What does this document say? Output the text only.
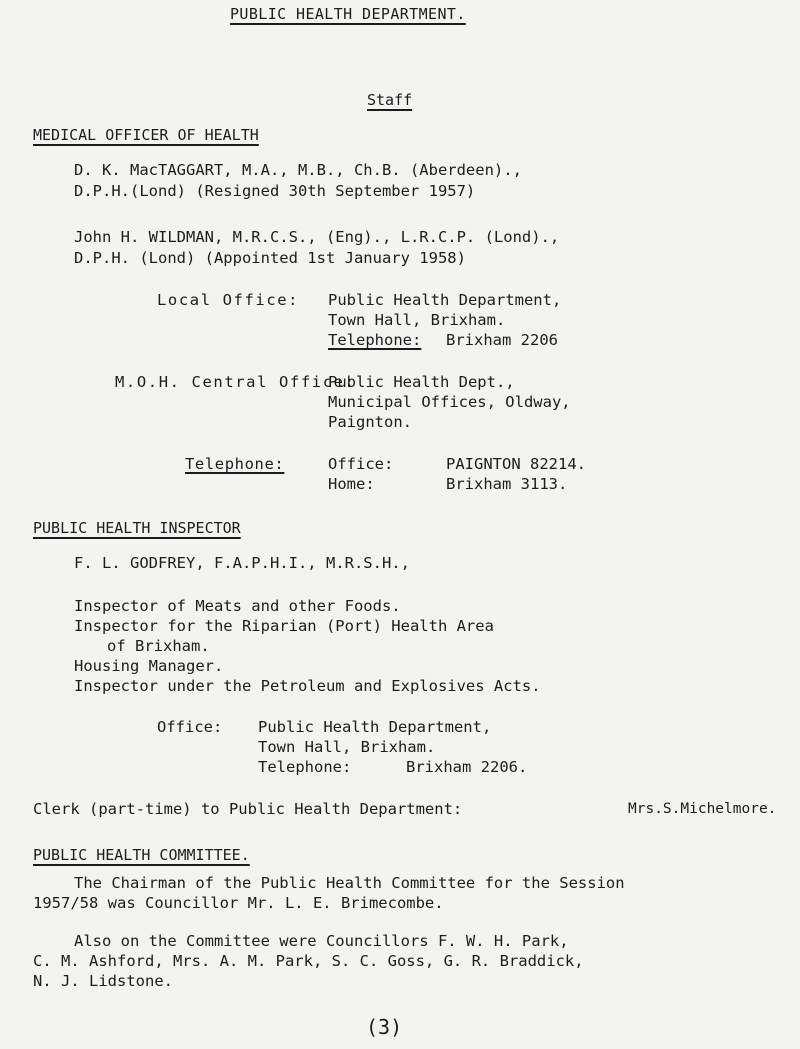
PUBLIC HEALTH DEPARTMENT.
Staff
MEDICAL OFFICER OF HEALTH
D. K. MacTAGGART, M.A., M.B., Ch.B. (Aberdeen).,
D.P.H.(Lond) (Resigned 30th September 1957)
John H. WILDMAN, M.R.C.S., (Eng)., L.R.C.P. (Lond).,
D.P.H. (Lond) (Appointed 1st January 1958)
Local Office: Public Health Department,
Town Hall, Brixham.
Telephone: Brixham 2206
M.O.H. Central Office:
Public Health Dept.,
Municipal Offices, Oldway,
Paignton.
Telephone:	Office:	PAIGNTON 82214.
Home:	Brixham 3113.
PUBLIC HEALTH INSPECTOR
F. L. GODFREY, F.A.P.H.I., M.R.S.H.,
Inspector of Meats and other Foods.
Inspector for the Riparian (Port) Health Area
of Brixham.
Housing Manager.
Inspector under the Petroleum and Explosives Acts.
Office: Public Health Department,
Town Hall, Brixham.
Telephone:	Brixham 2206.
Clerk (part-time) to Public Health Department:	Mrs.S.Michelmore.
PUBLIC HEALTH COMMITTEE.
The Chairman of the Public Health Committee for the Session
1957/58 was Councillor Mr. L. E. Brimecombe.
Also on the Committee were Councillors F. W. H. Park,
C. M. Ashford, Mrs. A. M. Park, S. C. Goss, G. R. Braddick,
N. J. Lidstone.
(3)
